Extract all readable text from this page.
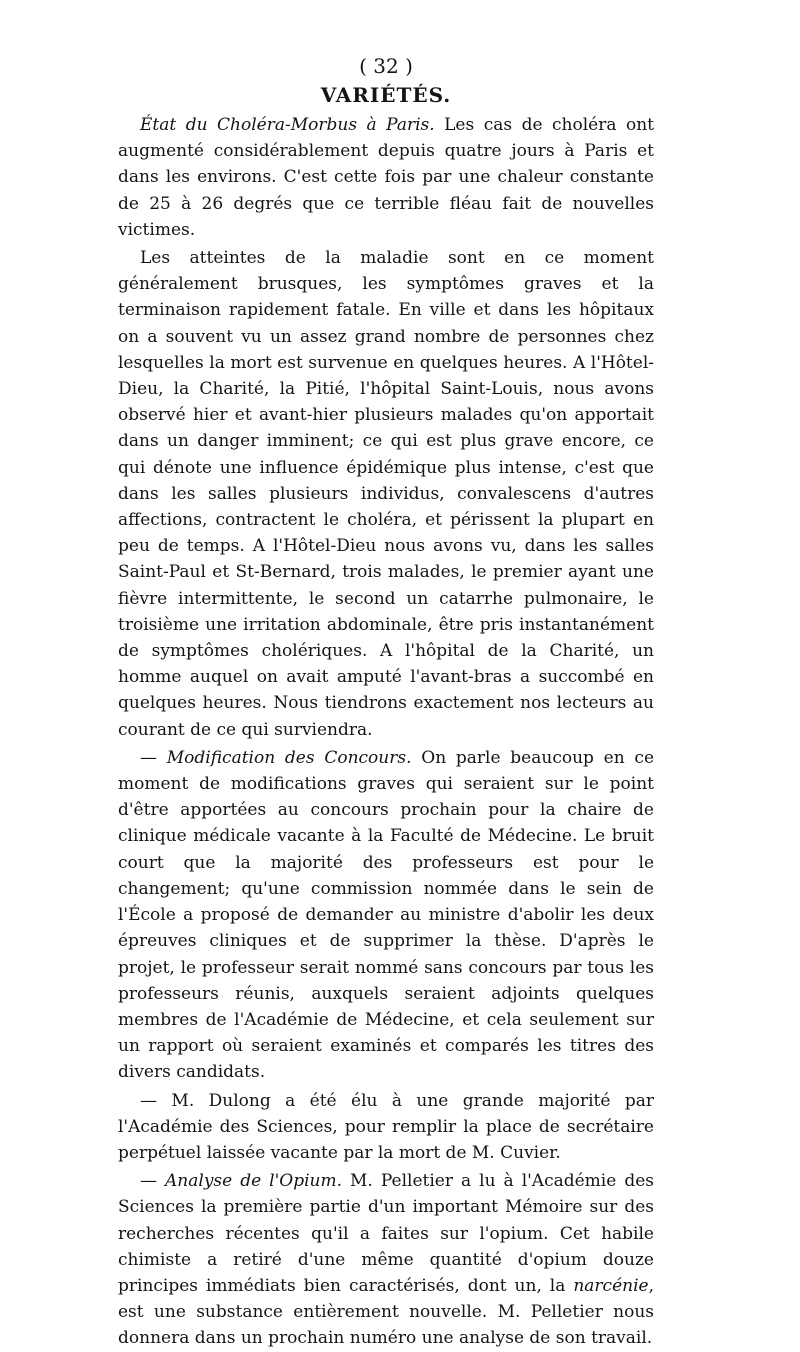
( 32 )

VARIÉTÉS.

État du Choléra-Morbus à Paris. Les cas de choléra ont augmenté considérablement depuis quatre jours à Paris et dans les environs. C'est cette fois par une chaleur constante de 25 à 26 degrés que ce terrible fléau fait de nouvelles victimes.

Les atteintes de la maladie sont en ce moment généralement brusques, les symptômes graves et la terminaison rapidement fatale. En ville et dans les hôpitaux on a souvent vu un assez grand nombre de personnes chez lesquelles la mort est survenue en quelques heures. A l'Hôtel-Dieu, la Charité, la Pitié, l'hôpital Saint-Louis, nous avons observé hier et avant-hier plusieurs malades qu'on apportait dans un danger imminent; ce qui est plus grave encore, ce qui dénote une influence épidémique plus intense, c'est que dans les salles plusieurs individus, convalescens d'autres affections, contractent le choléra, et périssent la plupart en peu de temps. A l'Hôtel-Dieu nous avons vu, dans les salles Saint-Paul et St-Bernard, trois malades, le premier ayant une fièvre intermittente, le second un catarrhe pulmonaire, le troisième une irritation abdominale, être pris instantanément de symptômes cholériques. A l'hôpital de la Charité, un homme auquel on avait amputé l'avant-bras a succombé en quelques heures. Nous tiendrons exactement nos lecteurs au courant de ce qui surviendra.

— Modification des Concours. On parle beaucoup en ce moment de modifications graves qui seraient sur le point d'être apportées au concours prochain pour la chaire de clinique médicale vacante à la Faculté de Médecine. Le bruit court que la majorité des professeurs est pour le changement; qu'une commission nommée dans le sein de l'École a proposé de demander au ministre d'abolir les deux épreuves cliniques et de supprimer la thèse. D'après le projet, le professeur serait nommé sans concours par tous les professeurs réunis, auxquels seraient adjoints quelques membres de l'Académie de Médecine, et cela seulement sur un rapport où seraient examinés et comparés les titres des divers candidats.

— M. Dulong a été élu à une grande majorité par l'Académie des Sciences, pour remplir la place de secrétaire perpétuel laissée vacante par la mort de M. Cuvier.

— Analyse de l'Opium. M. Pelletier a lu à l'Académie des Sciences la première partie d'un important Mémoire sur des recherches récentes qu'il a faites sur l'opium. Cet habile chimiste a retiré d'une même quantité d'opium douze principes immédiats bien caractérisés, dont un, la narcénie, est une substance entièrement nouvelle. M. Pelletier nous donnera dans un prochain numéro une analyse de son travail.
